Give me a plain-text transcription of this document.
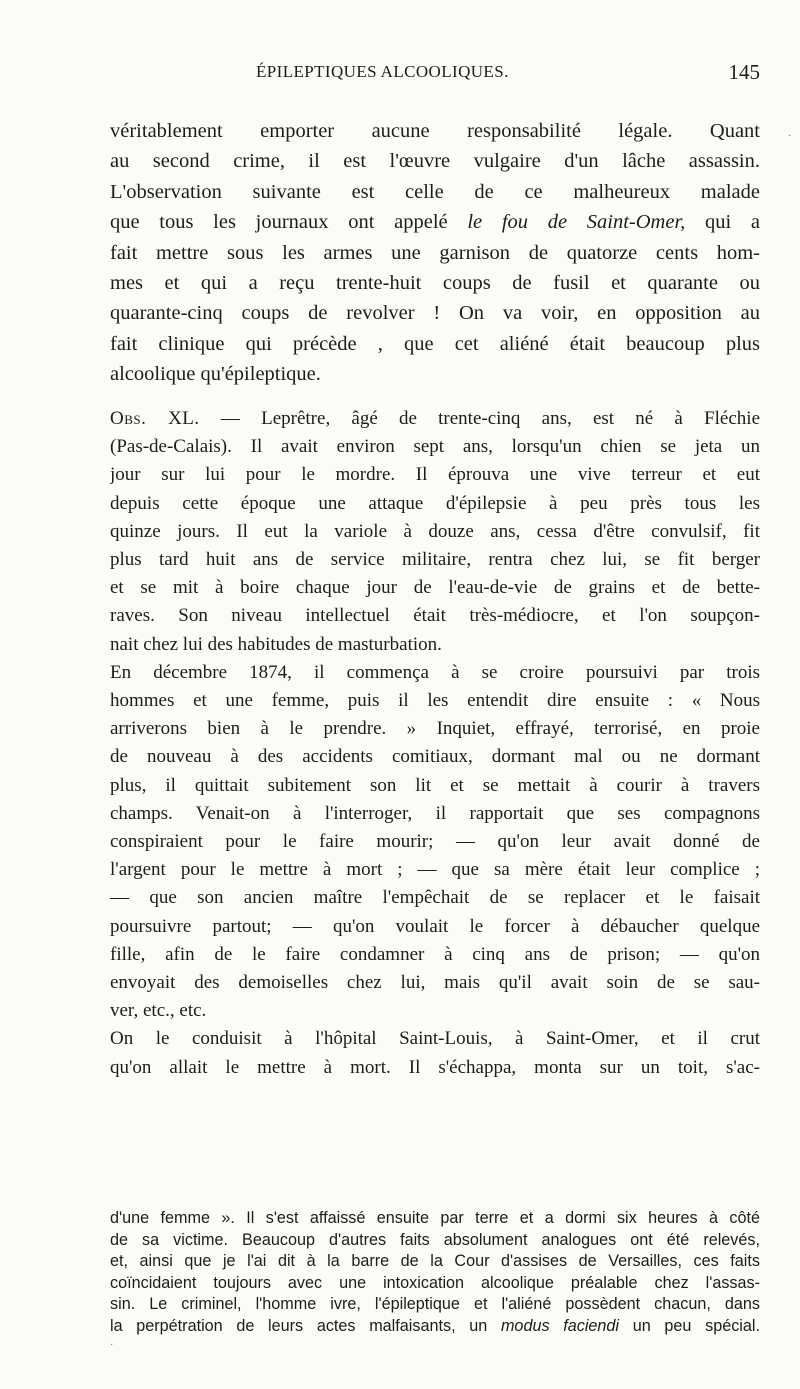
ÉPILEPTIQUES ALCOOLIQUES.	145
véritablement emporter aucune responsabilité légale. Quant
au second crime, il est l'œuvre vulgaire d'un lâche assassin.
L'observation suivante est celle de ce malheureux malade
que tous les journaux ont appelé le fou de Saint-Omer, qui a
fait mettre sous les armes une garnison de quatorze cents hom-
mes et qui a reçu trente-huit coups de fusil et quarante ou
quarante-cinq coups de revolver ! On va voir, en opposition au
fait clinique qui précède , que cet aliéné était beaucoup plus
alcoolique qu'épileptique.
Obs. XL. — Leprêtre, âgé de trente-cinq ans, est né à Fléchie
(Pas-de-Calais). Il avait environ sept ans, lorsqu'un chien se jeta un
jour sur lui pour le mordre. Il éprouva une vive terreur et eut
depuis cette époque une attaque d'épilepsie à peu près tous les
quinze jours. Il eut la variole à douze ans, cessa d'être convulsif, fit
plus tard huit ans de service militaire, rentra chez lui, se fit berger
et se mit à boire chaque jour de l'eau-de-vie de grains et de bette-
raves. Son niveau intellectuel était très-médiocre, et l'on soupçon-
nait chez lui des habitudes de masturbation.
En décembre 1874, il commença à se croire poursuivi par trois
hommes et une femme, puis il les entendit dire ensuite : « Nous
arriverons bien à le prendre. » Inquiet, effrayé, terrorisé, en proie
de nouveau à des accidents comitiaux, dormant mal ou ne dormant
plus, il quittait subitement son lit et se mettait à courir à travers
champs. Venait-on à l'interroger, il rapportait que ses compagnons
conspiraient pour le faire mourir; — qu'on leur avait donné de
l'argent pour le mettre à mort ; — que sa mère était leur complice ;
— que son ancien maître l'empêchait de se replacer et le faisait
poursuivre partout; — qu'on voulait le forcer à débaucher quelque
fille, afin de le faire condamner à cinq ans de prison; — qu'on
envoyait des demoiselles chez lui, mais qu'il avait soin de se sau-
ver, etc., etc.
On le conduisit à l'hôpital Saint-Louis, à Saint-Omer, et il crut
qu'on allait le mettre à mort. Il s'échappa, monta sur un toit, s'ac-
d'une femme ». Il s'est affaissé ensuite par terre et a dormi six heures à côté
de sa victime. Beaucoup d'autres faits absolument analogues ont été relevés,
et, ainsi que je l'ai dit à la barre de la Cour d'assises de Versailles, ces faits
coïncidaient toujours avec une intoxication alcoolique préalable chez l'assas-
sin. Le criminel, l'homme ivre, l'épileptique et l'aliéné possèdent chacun, dans
la perpétration de leurs actes malfaisants, un modus faciendi un peu spécial.
·
·
